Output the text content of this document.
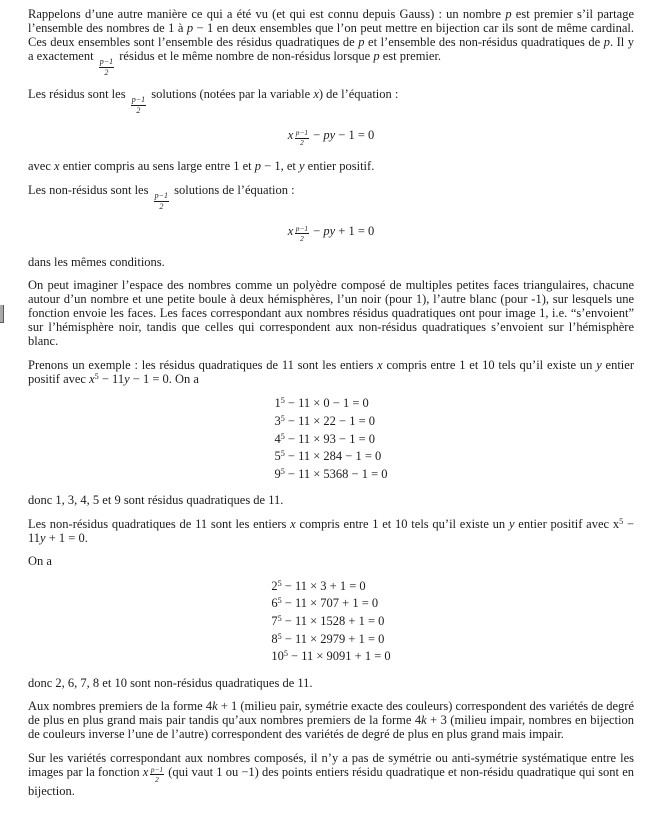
Rappelons d’une autre manière ce qui a été vu (et qui est connu depuis Gauss) : un nombre p est premier s’il partage l’ensemble des nombres de 1 à p − 1 en deux ensembles que l’on peut mettre en bijection car ils sont de même cardinal. Ces deux ensembles sont l’ensemble des résidus quadratiques de p et l’ensemble des non-résidus quadratiques de p. Il y a exactement
$\frac{p-1}{2}$
résidus et le même nombre de non-résidus lorsque p est premier.

Les résidus sont les
$\frac{p-1}{2}$
solutions (notées par la variable x) de l’équation :

x $\frac{p-1}{2}$ − py − 1 = 0

avec x entier compris au sens large entre 1 et p − 1, et y entier positif.

Les non-résidus sont les
$\frac{p-1}{2}$
solutions de l’équation :

x $\frac{p-1}{2}$ − py + 1 = 0

dans les mêmes conditions.

On peut imaginer l’espace des nombres comme un polyèdre composé de multiples petites faces triangulaires, chacune autour d’un nombre et une petite boule à deux hémisphères, l’un noir (pour 1), l’autre blanc (pour -1), sur lesquels une fonction envoie les faces. Les faces correspondant aux nombres résidus quadratiques ont pour image 1, i.e. “s’envoient” sur l’hémisphère noir, tandis que celles qui correspondent aux non-résidus quadratiques s’envoient sur l’hémisphère blanc.

Prenons un exemple : les résidus quadratiques de 11 sont les entiers x compris entre 1 et 10 tels qu’il existe un y entier positif avec $x^5 - 11y - 1 = 0$. On a

$1^5 - 11 \times 0 - 1 = 0$
$3^5 - 11 \times 22 - 1 = 0$
$4^5 - 11 \times 93 - 1 = 0$
$5^5 - 11 \times 284 - 1 = 0$
$9^5 - 11 \times 5368 - 1 = 0$

donc 1, 3, 4, 5 et 9 sont résidus quadratiques de 11.

Les non-résidus quadratiques de 11 sont les entiers x compris entre 1 et 10 tels qu’il existe un y entier positif avec $x^5 - 11y + 1 = 0$.

On a

$2^5 - 11 \times 3 + 1 = 0$
$6^5 - 11 \times 707 + 1 = 0$
$7^5 - 11 \times 1528 + 1 = 0$
$8^5 - 11 \times 2979 + 1 = 0$
$10^5 - 11 \times 9091 + 1 = 0$

donc 2, 6, 7, 8 et 10 sont non-résidus quadratiques de 11.

Aux nombres premiers de la forme 4k + 1 (milieu pair, symétrie exacte des couleurs) correspondent des variétés de degré de plus en plus grand mais pair tandis qu’aux nombres premiers de la forme 4k + 3 (milieu impair, nombres en bijection de couleurs inverse l’une de l’autre) correspondent des variétés de degré de plus en plus grand mais impair.

Sur les variétés correspondant aux nombres composés, il n’y a pas de symétrie ou anti-symétrie systématique entre les images par la fonction x $\frac{p-1}{2} (qui$ vaut 1 ou −1) des points entiers résidu quadratique et non-résidu quadratique qui sont en bijection.
